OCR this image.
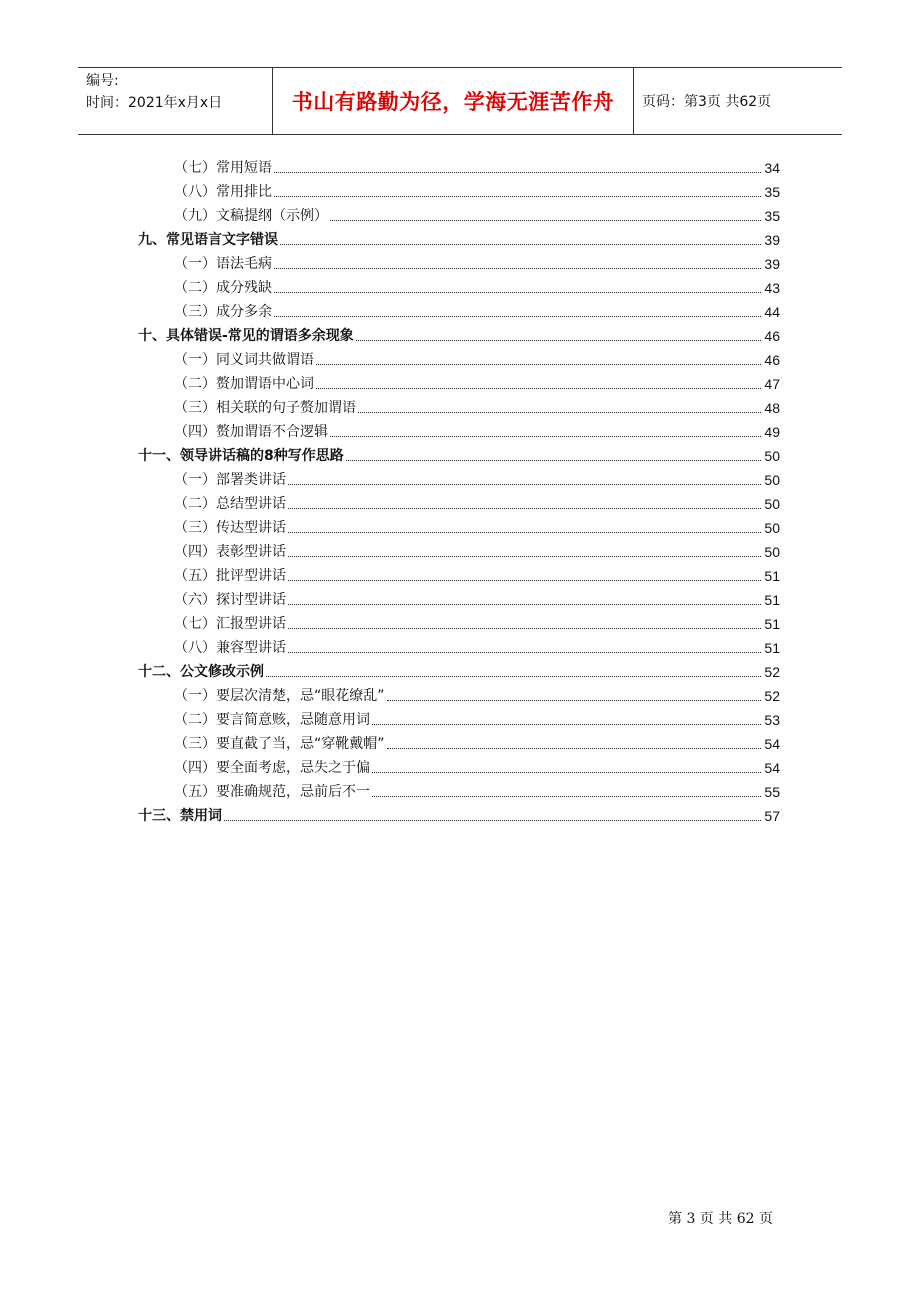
编号:
时间：2021年x月x日	书山有路勤为径，学海无涯苦作舟	页码：第3页 共62页
（七）常用短语	34
（八）常用排比	35
（九）文稿提纲（示例）	35
九、常见语言文字错误	39
（一）语法毛病	39
（二）成分残缺	43
（三）成分多余	44
十、具体错误-常见的谓语多余现象	46
（一）同义词共做谓语	46
（二）赘加谓语中心词	47
（三）相关联的句子赘加谓语	48
（四）赘加谓语不合逻辑	49
十一、领导讲话稿的8种写作思路	50
（一）部署类讲话	50
（二）总结型讲话	50
（三）传达型讲话	50
（四）表彰型讲话	50
（五）批评型讲话	51
（六）探讨型讲话	51
（七）汇报型讲话	51
（八）兼容型讲话	51
十二、公文修改示例	52
（一）要层次清楚，忌“眼花缭乱”	52
（二）要言简意赅，忌随意用词	53
（三）要直截了当，忌“穿靴戴帽”	54
（四）要全面考虑，忌失之于偏	54
（五）要准确规范，忌前后不一	55
十三、禁用词	57
第 3 页 共 62 页
